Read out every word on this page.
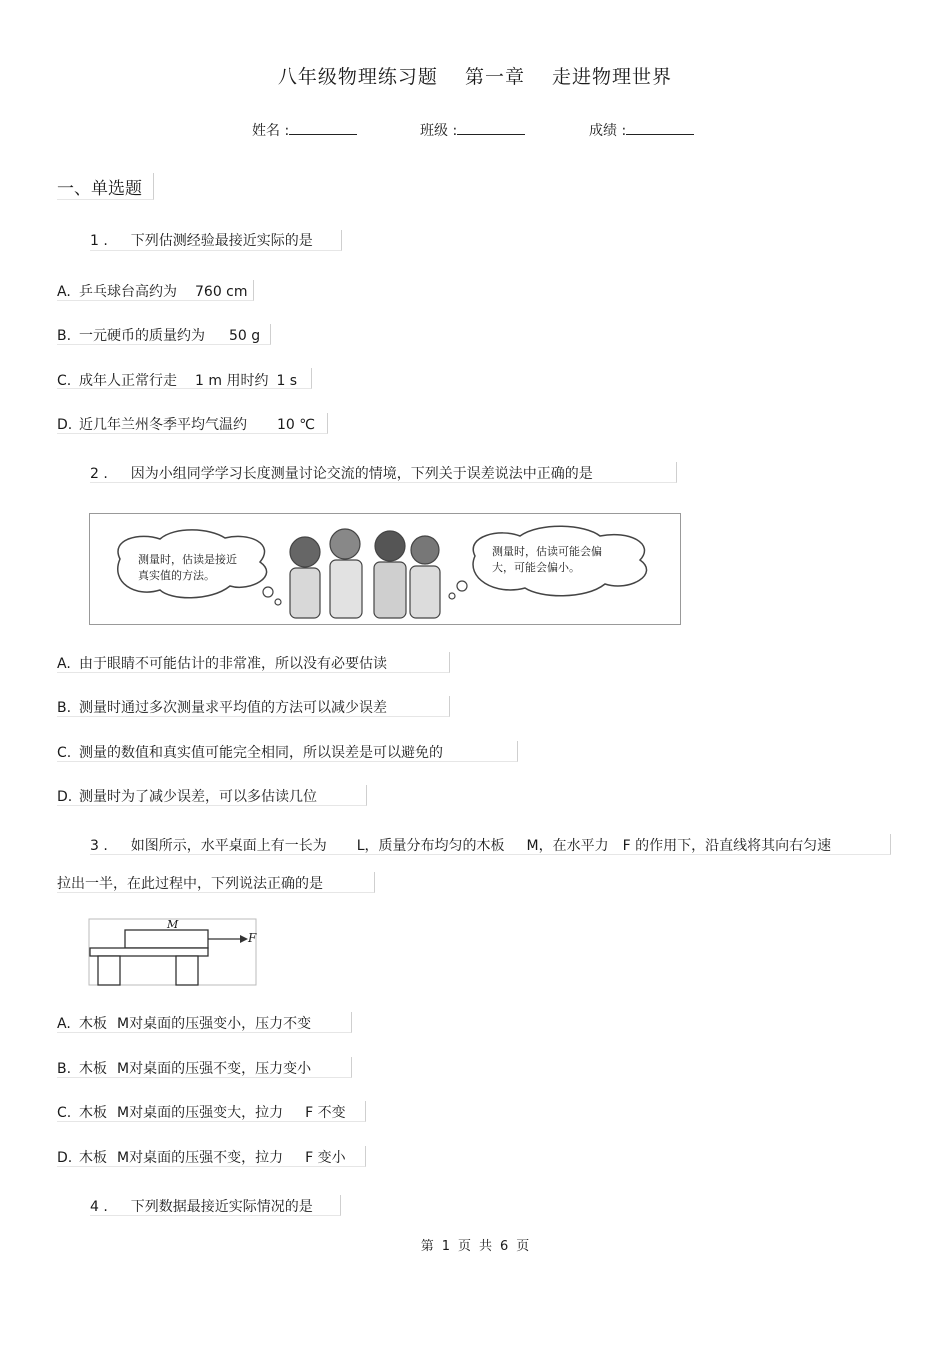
八年级物理练习题 第一章 走进物理世界
姓名 :	班级 :	成绩 :
一、单选题
1 . 下列估测经验最接近实际的是
A. 乒乓球台高约为 760 cm
B. 一元硬币的质量约为 50 g
C. 成年人正常行走 1 m 用时约 1 s
D. 近几年兰州冬季平均气温约 10 ℃
2 . 因为小组同学学习长度测量讨论交流的情境，下列关于误差说法中正确的是
测量时，估读是接近
真实值的方法。
测量时，估读可能会偏
大，可能会偏小。
A. 由于眼睛不可能估计的非常准，所以没有必要估读
B. 测量时通过多次测量求平均值的方法可以减少误差
C. 测量的数值和真实值可能完全相同，所以误差是可以避免的
D. 测量时为了减少误差，可以多估读几位
3 . 如图所示，水平桌面上有一长为 L，质量分布均匀的木板 M，在水平力 F 的作用下，沿直线将其向右匀速
拉出一半，在此过程中，下列说法正确的是
M
F
A. 木板 M对桌面的压强变小，压力不变
B. 木板 M对桌面的压强不变，压力变小
C. 木板 M对桌面的压强变大，拉力 F 不变
D. 木板 M对桌面的压强不变，拉力 F 变小
4 . 下列数据最接近实际情况的是
第 1 页 共 6 页
